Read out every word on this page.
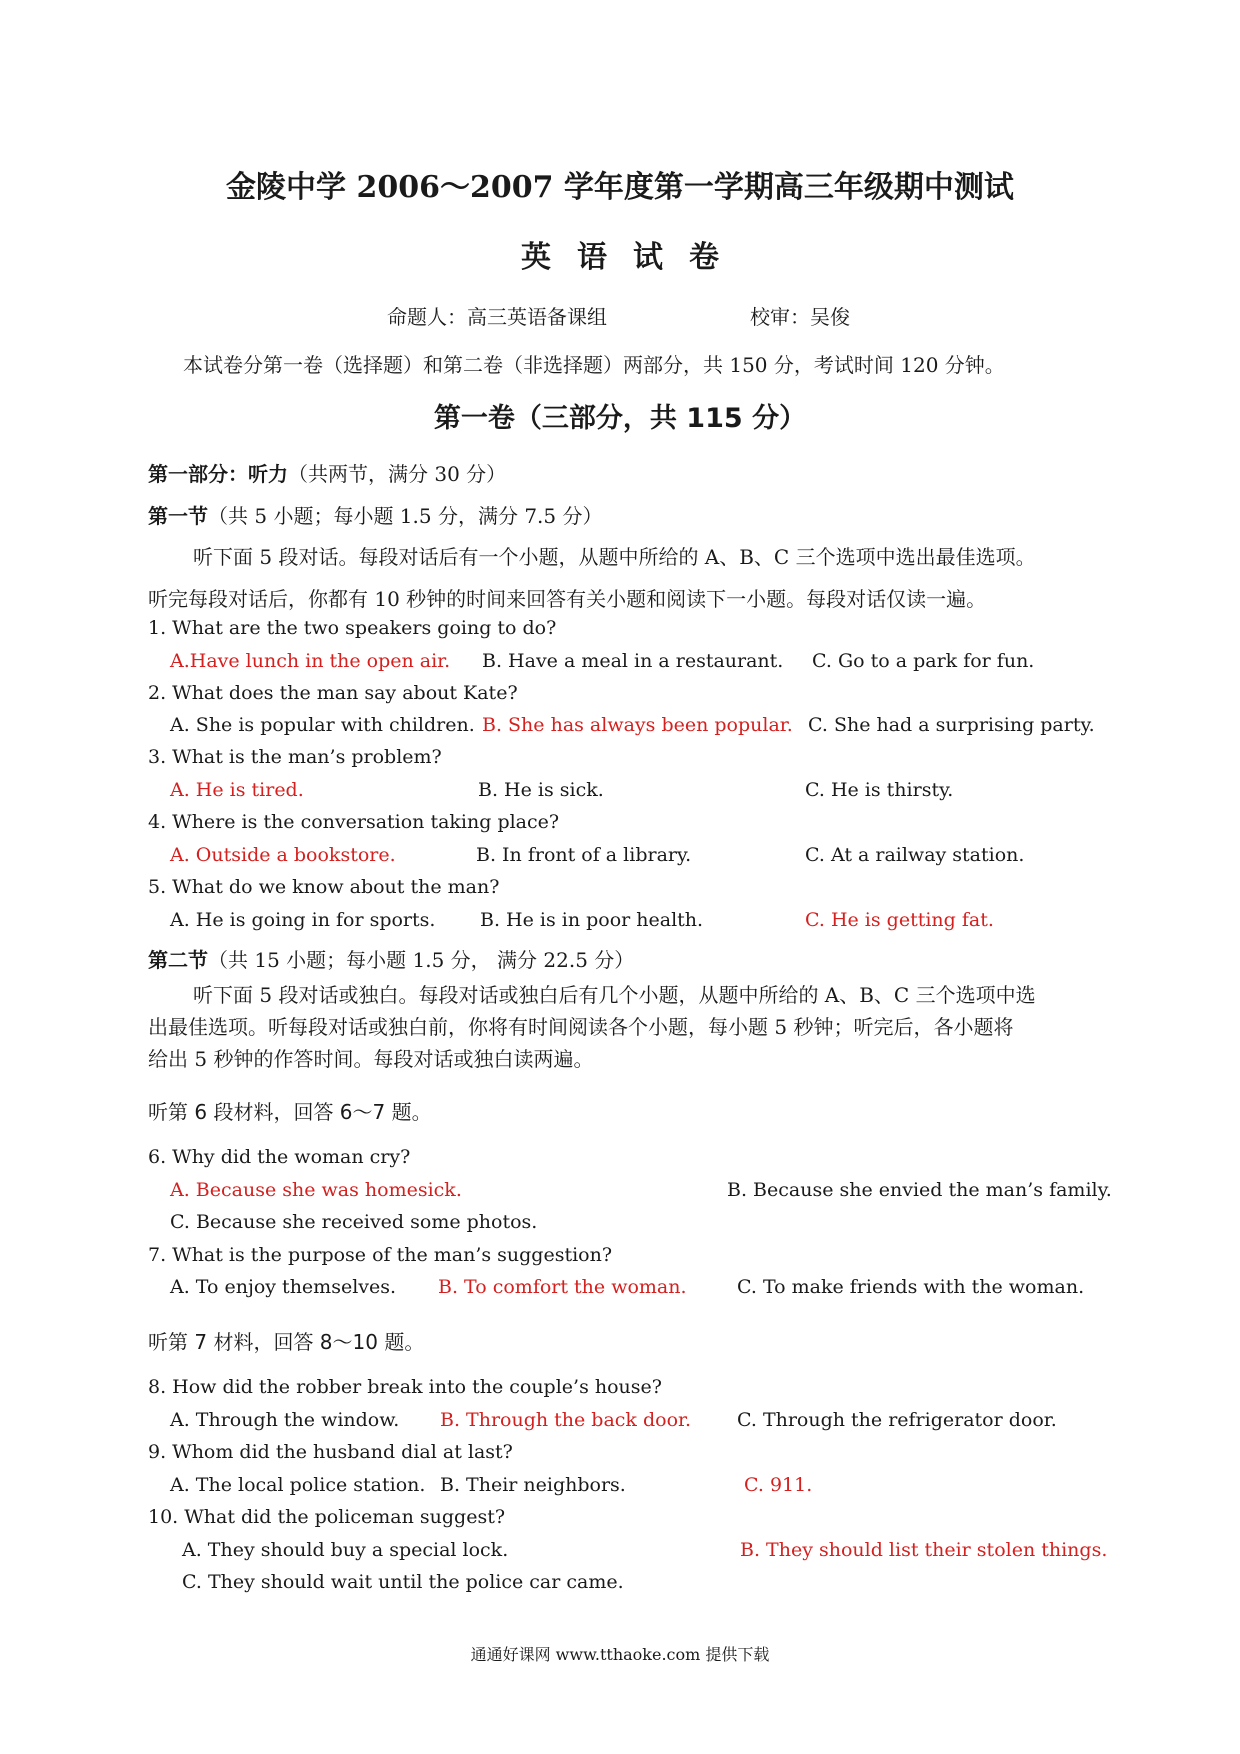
金陵中学 2006～2007 学年度第一学期高三年级期中测试
英语试卷
命题人：高三英语备课组	校审：吴俊
本试卷分第一卷（选择题）和第二卷（非选择题）两部分，共 150 分，考试时间 120 分钟。
第一卷（三部分，共 115 分）
第一部分：听力（共两节，满分 30 分）
第一节（共 5 小题；每小题 1.5 分，满分 7.5 分）
听下面 5 段对话。每段对话后有一个小题，从题中所给的 A、B、C 三个选项中选出最佳选项。
听完每段对话后，你都有 10 秒钟的时间来回答有关小题和阅读下一小题。每段对话仅读一遍。
1. What are the two speakers going to do?
A.Have lunch in the open air. B. Have a meal in a restaurant. C. Go to a park for fun.
2. What does the man say about Kate?
A. She is popular with children. B. She has always been popular. C. She had a surprising party.
3. What is the man’s problem?
A. He is tired.	B. He is sick.	C. He is thirsty.
4. Where is the conversation taking place?
A. Outside a bookstore.	B. In front of a library.	C. At a railway station.
5. What do we know about the man?
A. He is going in for sports. B. He is in poor health.	C. He is getting fat.
第二节（共 15 小题；每小题 1.5 分， 满分 22.5 分）
听下面 5 段对话或独白。每段对话或独白后有几个小题，从题中所给的 A、B、C 三个选项中选
出最佳选项。听每段对话或独白前，你将有时间阅读各个小题，每小题 5 秒钟；听完后，各小题将
给出 5 秒钟的作答时间。每段对话或独白读两遍。
听第 6 段材料，回答 6～7 题。
6. Why did the woman cry?
A. Because she was homesick.	B. Because she envied the man’s family.
C. Because she received some photos.
7. What is the purpose of the man’s suggestion?
A. To enjoy themselves. B. To comfort the woman.	C. To make friends with the woman.
听第 7 材料，回答 8～10 题。
8. How did the robber break into the couple’s house?
A. Through the window. B. Through the back door. C. Through the refrigerator door.
9. Whom did the husband dial at last?
A. The local police station. B. Their neighbors.	C. 911.
10. What did the policeman suggest?
A. They should buy a special lock.	B. They should list their stolen things.
C. They should wait until the police car came.
通通好课网 www.tthaoke.com 提供下载
